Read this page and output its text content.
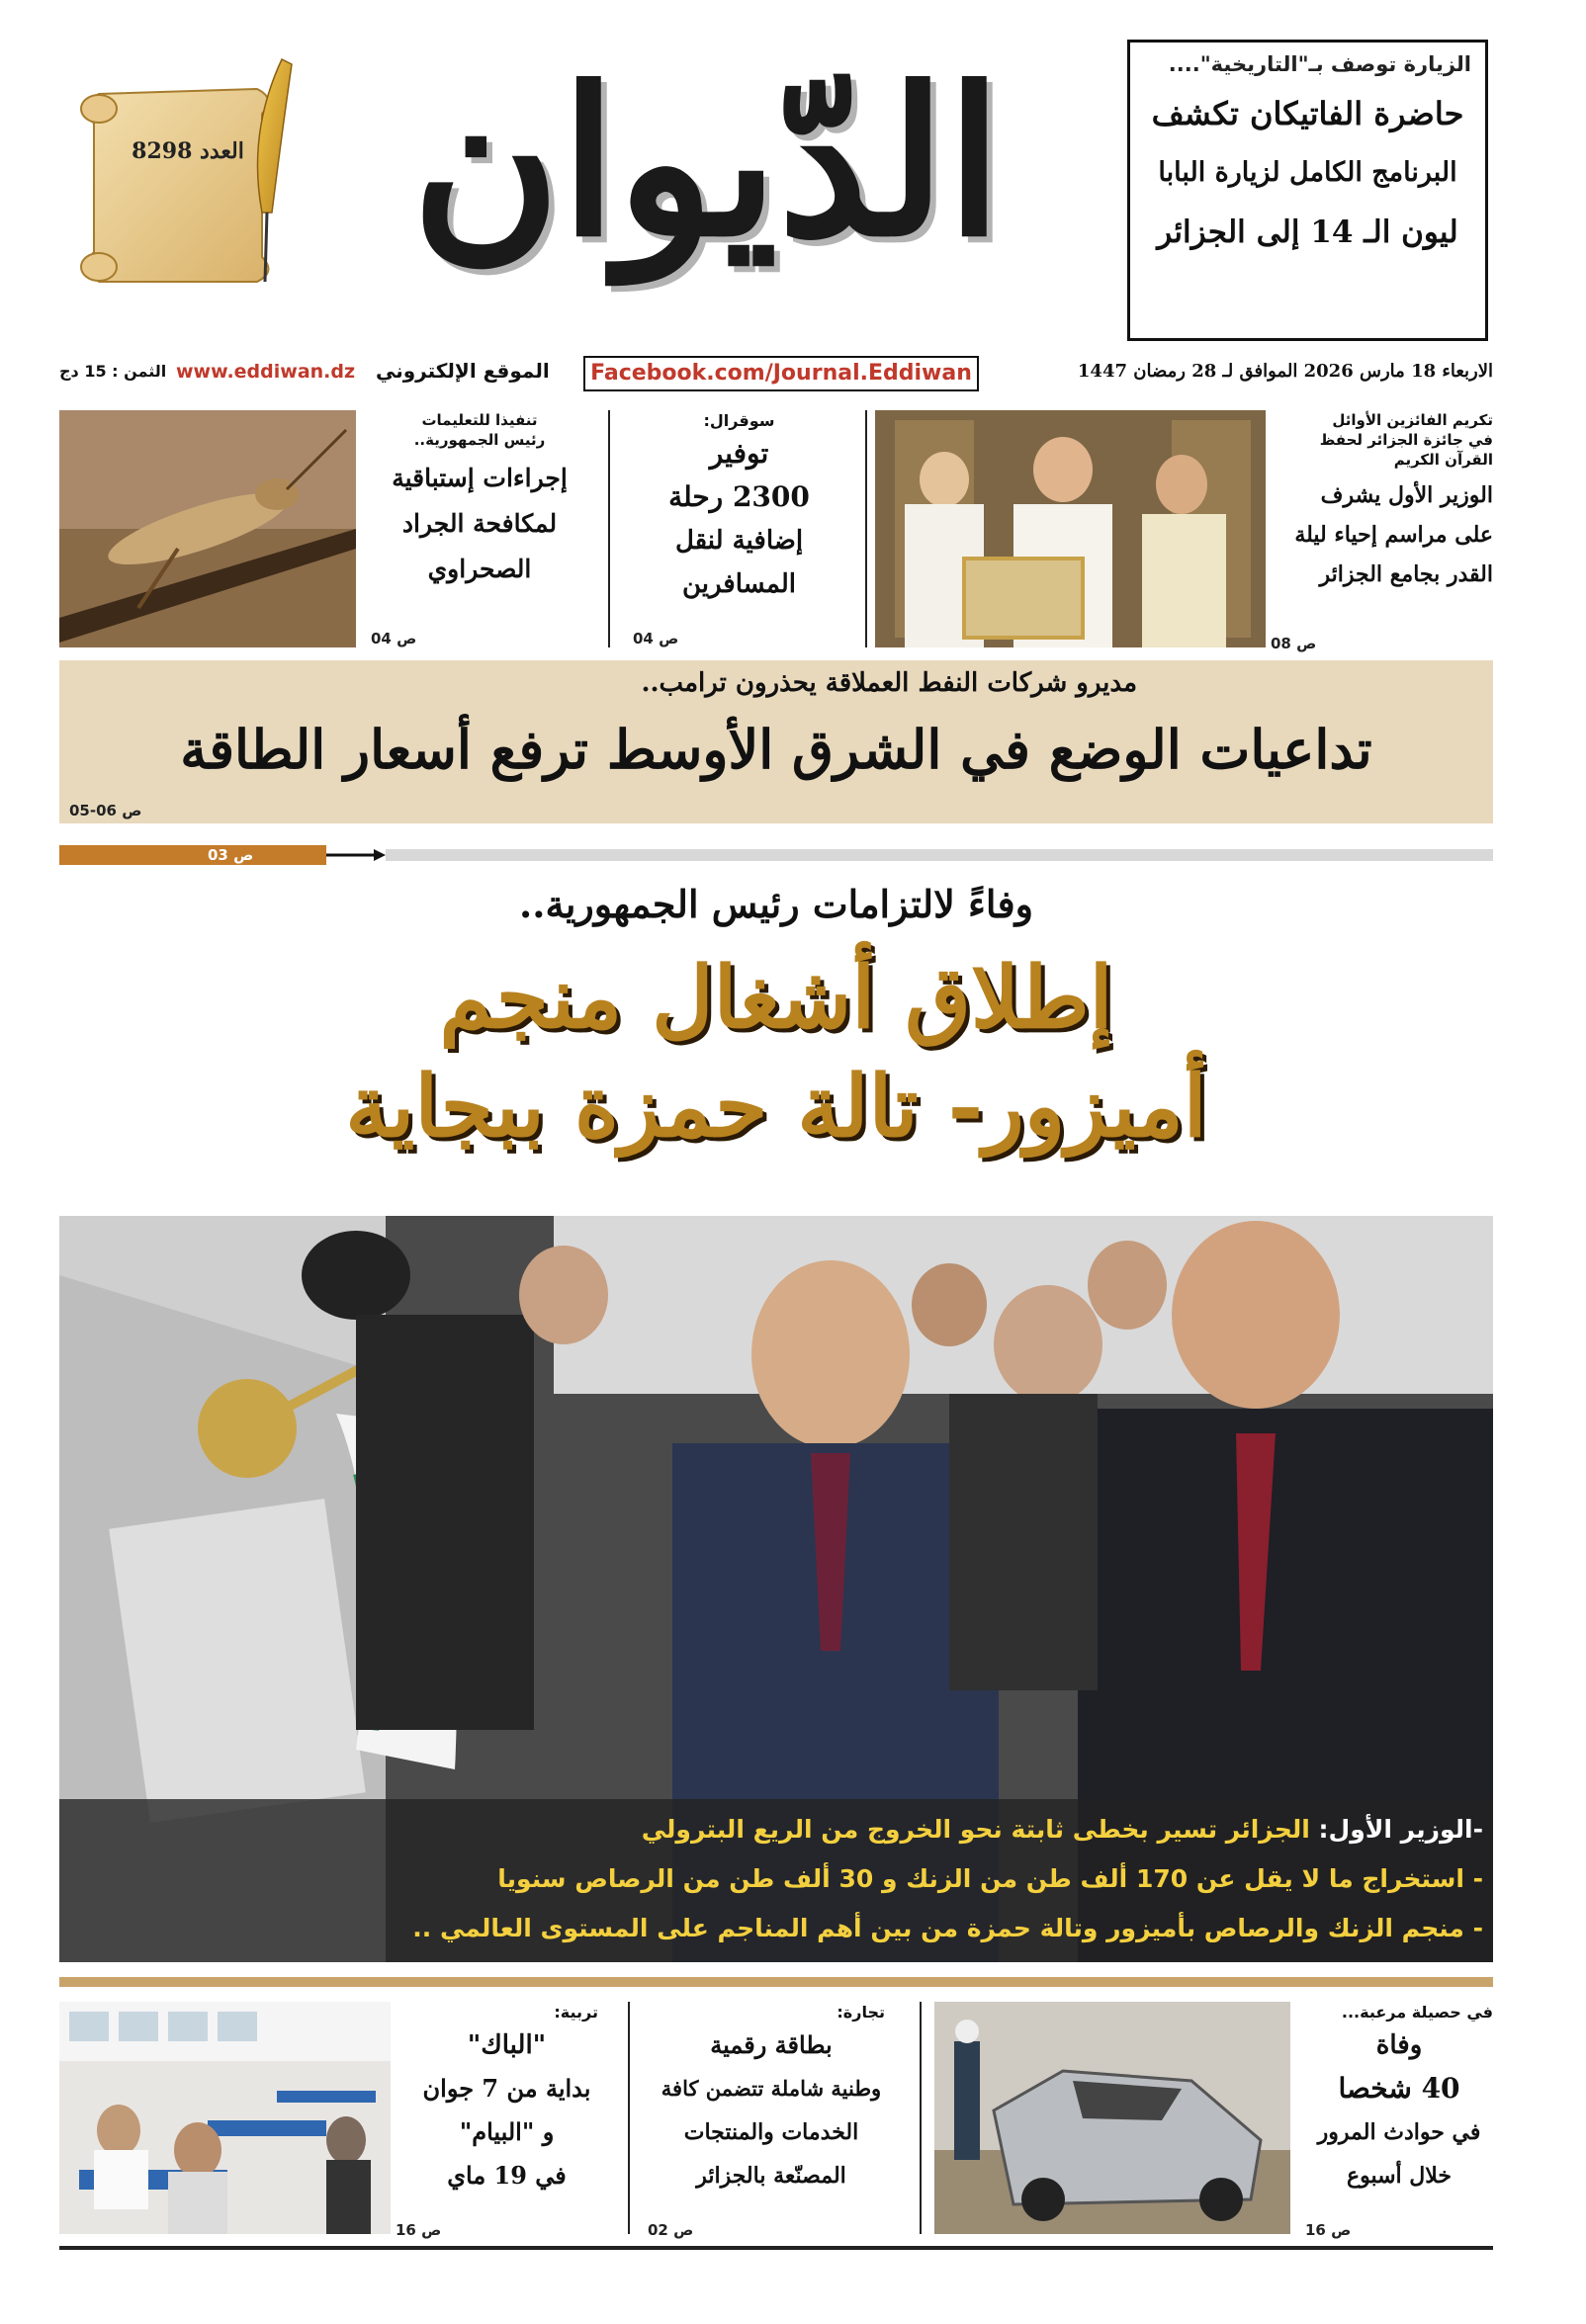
العدد 8298 الدّيوان	الزيارة توصف بـ"التاريخية"....
حاضرة الفاتيكان تكشف
البرنامج الكامل لزيارة البابا
ليون الـ 14 إلى الجزائر
الاربعاء 18 مارس 2026 الموافق لـ 28 رمضان 1447
Facebook.com/Journal.Eddiwan
الموقع الإلكتروني
www.eddiwan.dz
الثمن : 15 دج
تكريم الفائزين الأوائل
في جائزة الجزائر لحفظ
القرآن الكريم
الوزير الأول يشرف
على مراسم إحياء ليلة
القدر بجامع الجزائر
ص 08
سوقرال:
توفير
2300 رحلة
إضافية لنقل
المسافرين
ص 04
تنفيذا للتعليمات
رئيس الجمهورية..
إجراءات إستباقية
لمكافحة الجراد
الصحراوي
ص 04
مديرو شركات النفط العملاقة يحذرون ترامب..
تداعيات الوضع في الشرق الأوسط ترفع أسعار الطاقة
ص 06-05
ص 03
وفاءً لالتزامات رئيس الجمهورية..
إطلاق أشغال منجم
أميزور- تالة حمزة ببجاية
-الوزير الأول: الجزائر تسير بخطى ثابتة نحو الخروج من الريع البترولي
- استخراج ما لا يقل عن 170 ألف طن من الزنك و 30 ألف طن من الرصاص سنويا
- منجم الزنك والرصاص بأميزور وتالة حمزة من بين أهم المناجم على المستوى العالمي ..
في حصيلة مرعبة...
وفاة
40 شخصا
في حوادث المرور
خلال أسبوع
ص 16
تجارة:
بطاقة رقمية
وطنية شاملة تتضمن كافة
الخدمات والمنتجات
المصنّعة بالجزائر
ص 02
تربية:
"الباك"
بداية من 7 جوان
و "البيام"
في 19 ماي
ص 16
